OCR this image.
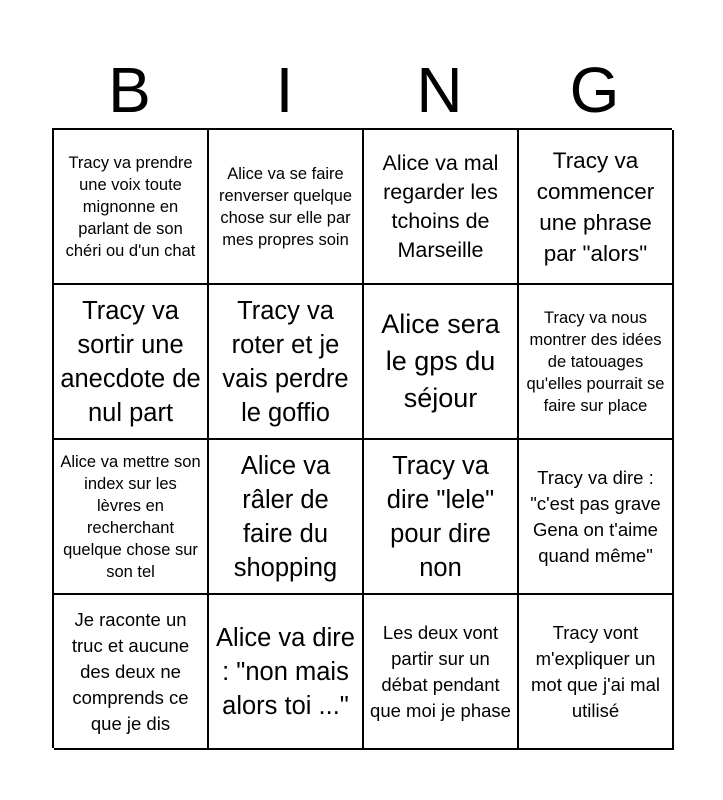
B	I	N	G
Tracy va prendre une voix toute mignonne en parlant de son chéri ou d'un chat
Alice va se faire renverser quelque chose sur elle par mes propres soin
Alice va mal regarder les tchoins de Marseille
Tracy va commencer une phrase par "alors"
Tracy va sortir une anecdote de nul part
Tracy va roter et je vais perdre le goffio
Alice sera le gps du séjour
Tracy va nous montrer des idées de tatouages qu'elles pourrait se faire sur place
Alice va mettre son index sur les lèvres en recherchant quelque chose sur son tel
Alice va râler de faire du shopping
Tracy va dire "lele" pour dire non
Tracy va dire : "c'est pas grave Gena on t'aime quand même"
Je raconte un truc et aucune des deux ne comprends ce que je dis
Alice va dire : "non mais alors toi ..."
Les deux vont partir sur un débat pendant que moi je phase
Tracy vont m'expliquer un mot que j'ai mal utilisé
